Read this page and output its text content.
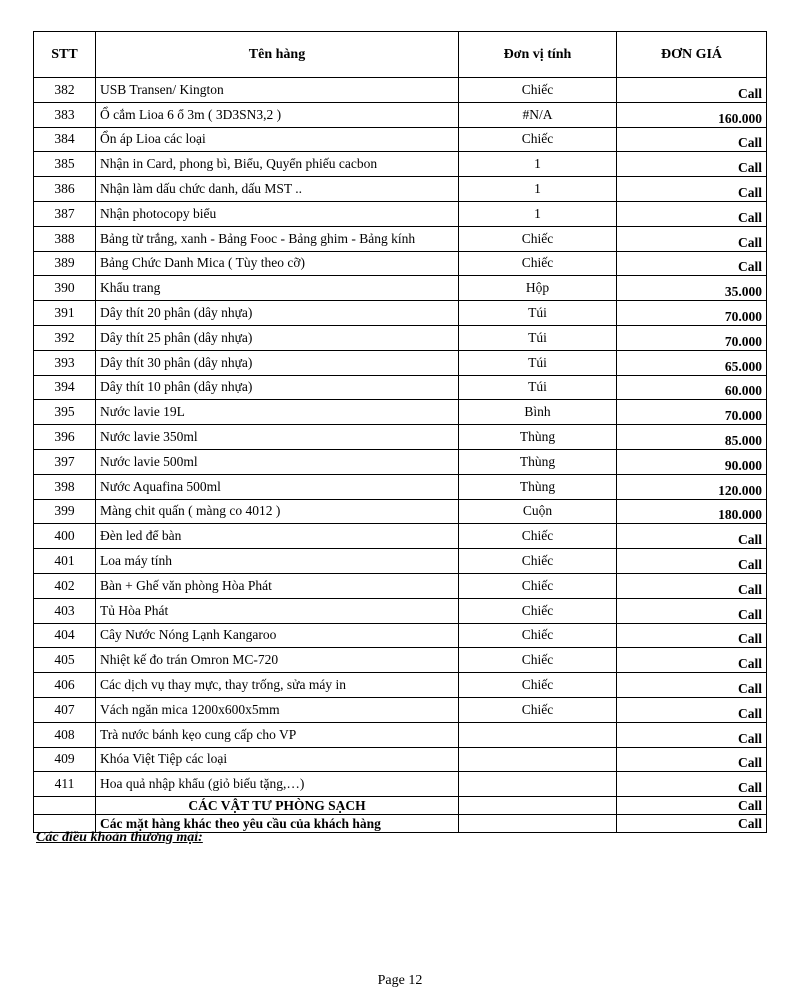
STT	Tên hàng	Đơn vị tính	ĐƠN GIÁ
382	USB Transen/ Kington	Chiếc	Call
383	Ổ cắm Lioa 6 ổ 3m ( 3D3SN3,2 )	#N/A	160.000
384	Ổn áp Lioa các loại	Chiếc	Call
385	Nhận in Card, phong bì, Biểu, Quyển phiếu cacbon	1	Call
386	Nhận làm dấu chức danh, dấu MST ..	1	Call
387	Nhận photocopy biểu	1	Call
388	Bảng từ trắng, xanh - Bảng Fooc - Bảng ghim - Bảng kính	Chiếc	Call
389	Bảng Chức Danh Mica ( Tùy theo cỡ)	Chiếc	Call
390	Khẩu trang	Hộp	35.000
391	Dây thít 20 phân (dây nhựa)	Túi	70.000
392	Dây thít 25 phân (dây nhựa)	Túi	70.000
393	Dây thít 30 phân (dây nhựa)	Túi	65.000
394	Dây thít 10 phân (dây nhựa)	Túi	60.000
395	Nước lavie 19L	Bình	70.000
396	Nước lavie 350ml	Thùng	85.000
397	Nước lavie 500ml	Thùng	90.000
398	Nước Aquafina 500ml	Thùng	120.000
399	Màng chit quấn ( màng co 4012 )	Cuộn	180.000
400	Đèn led để bàn	Chiếc	Call
401	Loa máy tính	Chiếc	Call
402	Bàn + Ghế văn phòng Hòa Phát	Chiếc	Call
403	Tủ Hòa Phát	Chiếc	Call
404	Cây Nước Nóng Lạnh Kangaroo	Chiếc	Call
405	Nhiệt kế đo trán Omron MC-720	Chiếc	Call
406	Các dịch vụ thay mực, thay trống, sửa máy in	Chiếc	Call
407	Vách ngăn mica 1200x600x5mm	Chiếc	Call
408	Trà nước bánh kẹo cung cấp cho VP		Call
409	Khóa Việt Tiệp các loại		Call
411	Hoa quả nhập khẩu (giỏ biếu tặng,…)		Call
	CÁC VẬT TƯ PHÒNG SẠCH		Call
	Các mặt hàng khác theo yêu cầu của khách hàng		Call
Các điều khoản thương mại:
Page 12
